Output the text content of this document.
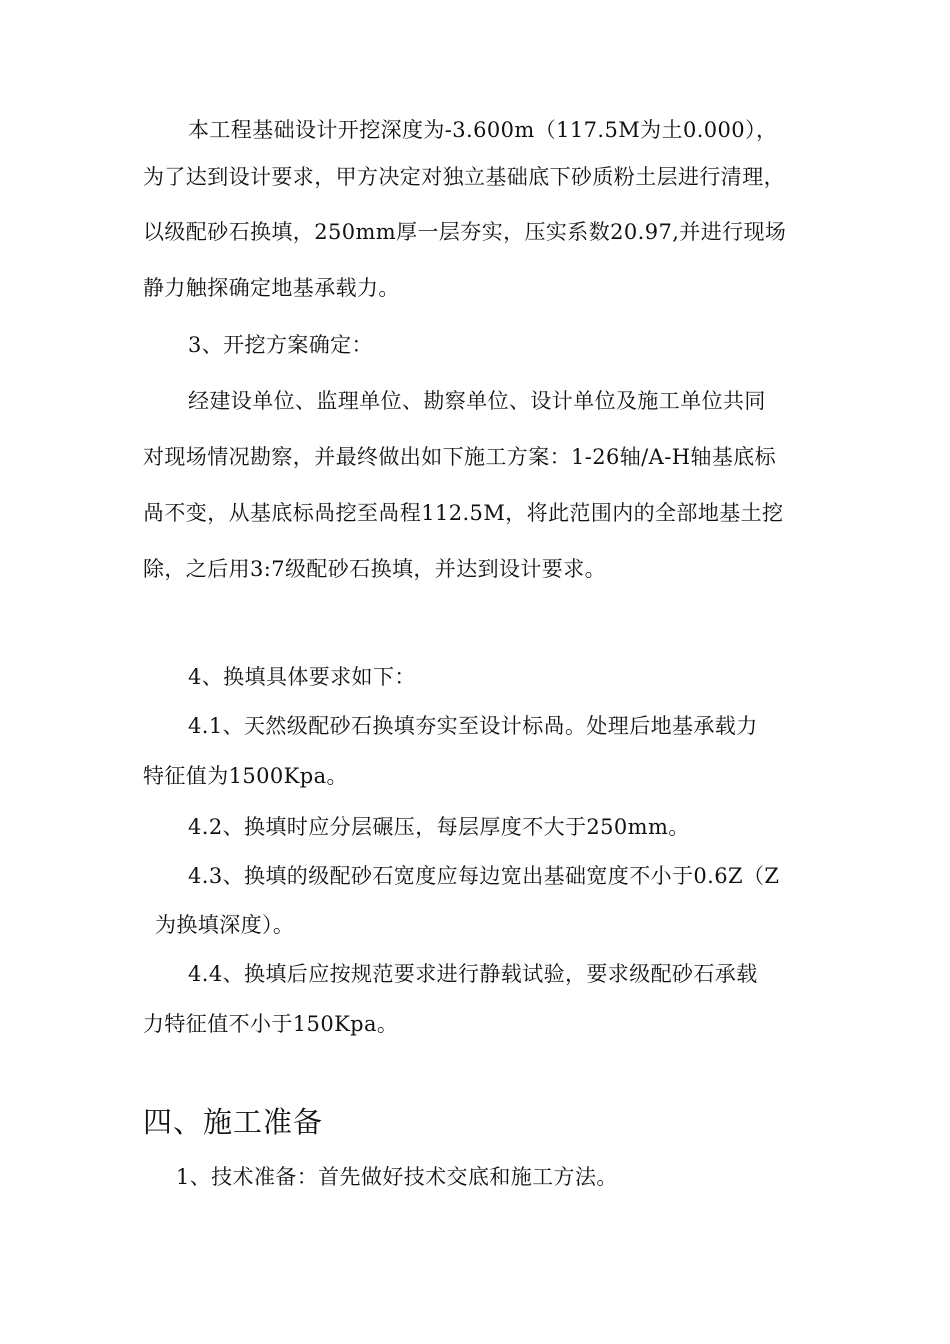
本工程基础设计开挖深度为-3.600m（117.5M为土0.000），
为了达到设计要求，甲方决定对独立基础底下砂质粉土层进行清理，
以级配砂石换填，250mm厚一层夯实，压实系数20.97,并进行现场
静力触探确定地基承载力。
3、开挖方案确定：
经建设单位、监理单位、勘察单位、设计单位及施工单位共同
对现场情况勘察，并最终做出如下施工方案：1-26轴/A-H轴基底标
咼不变，从基底标咼挖至咼程112.5M，将此范围内的全部地基土挖
除，之后用3:7级配砂石换填，并达到设计要求。
4、换填具体要求如下：
4.1、天然级配砂石换填夯实至设计标咼。处理后地基承载力
特征值为1500Kpa。
4.2、换填时应分层碾压，每层厚度不大于250mm。
4.3、换填的级配砂石宽度应每边宽出基础宽度不小于0.6Z（Z
为换填深度）。
4.4、换填后应按规范要求进行静载试验，要求级配砂石承载
力特征值不小于150Kpa。
四、施工准备
1、技术准备：首先做好技术交底和施工方法。
